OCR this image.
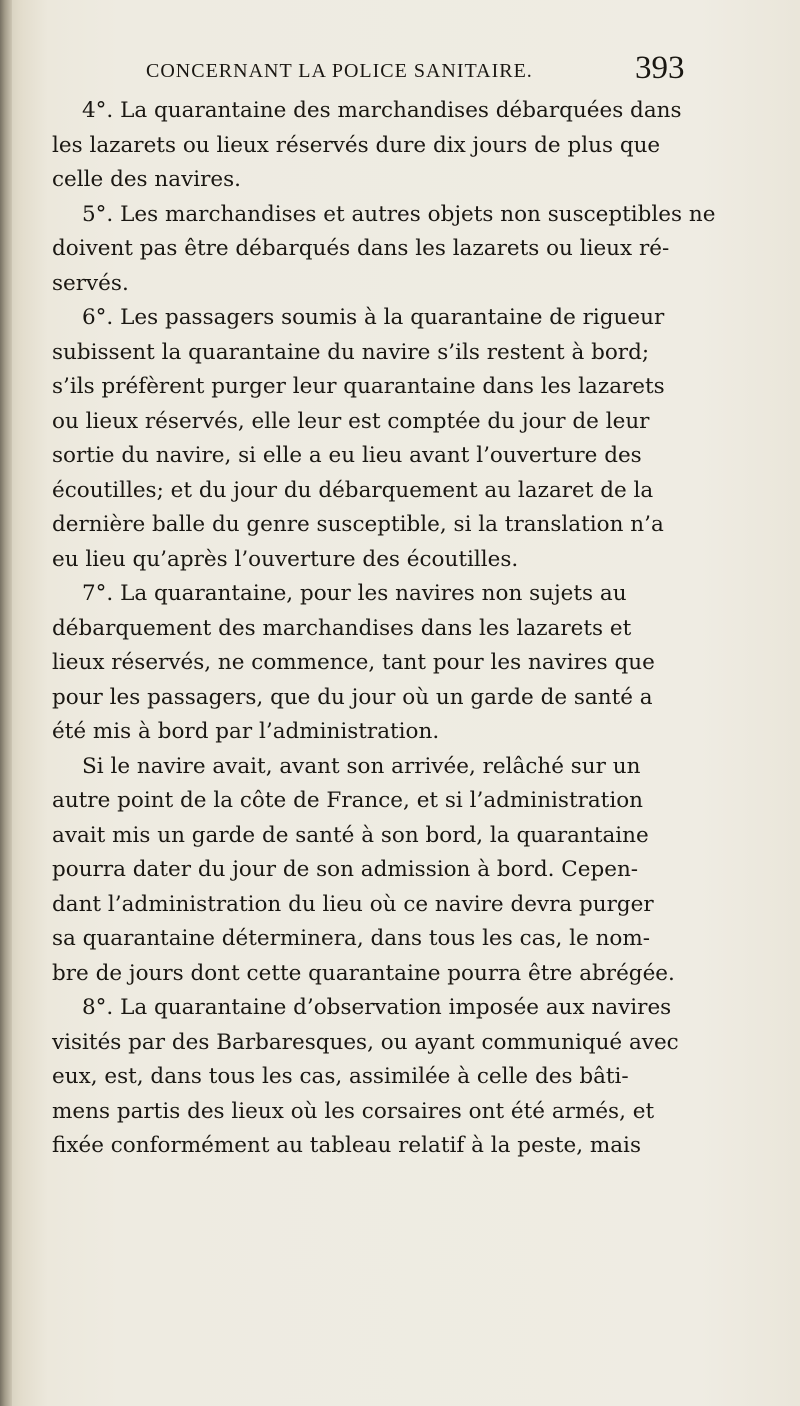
CONCERNANT LA POLICE SANITAIRE.	393
4°. La quarantaine des marchandises débarquées dans
les lazarets ou lieux réservés dure dix jours de plus que
celle des navires.
5°. Les marchandises et autres objets non susceptibles ne
doivent pas être débarqués dans les lazarets ou lieux ré-
servés.
6°. Les passagers soumis à la quarantaine de rigueur
subissent la quarantaine du navire s’ils restent à bord;
s’ils préfèrent purger leur quarantaine dans les lazarets
ou lieux réservés, elle leur est comptée du jour de leur
sortie du navire, si elle a eu lieu avant l’ouverture des
écoutilles; et du jour du débarquement au lazaret de la
dernière balle du genre susceptible, si la translation n’a
eu lieu qu’après l’ouverture des écoutilles.
7°. La quarantaine, pour les navires non sujets au
débarquement des marchandises dans les lazarets et
lieux réservés, ne commence, tant pour les navires que
pour les passagers, que du jour où un garde de santé a
été mis à bord par l’administration.
Si le navire avait, avant son arrivée, relâché sur un
autre point de la côte de France, et si l’administration
avait mis un garde de santé à son bord, la quarantaine
pourra dater du jour de son admission à bord. Cepen-
dant l’administration du lieu où ce navire devra purger
sa quarantaine déterminera, dans tous les cas, le nom-
bre de jours dont cette quarantaine pourra être abrégée.
8°. La quarantaine d’observation imposée aux navires
visités par des Barbaresques, ou ayant communiqué avec
eux, est, dans tous les cas, assimilée à celle des bâti-
mens partis des lieux où les corsaires ont été armés, et
fixée conformément au tableau relatif à la peste, mais
